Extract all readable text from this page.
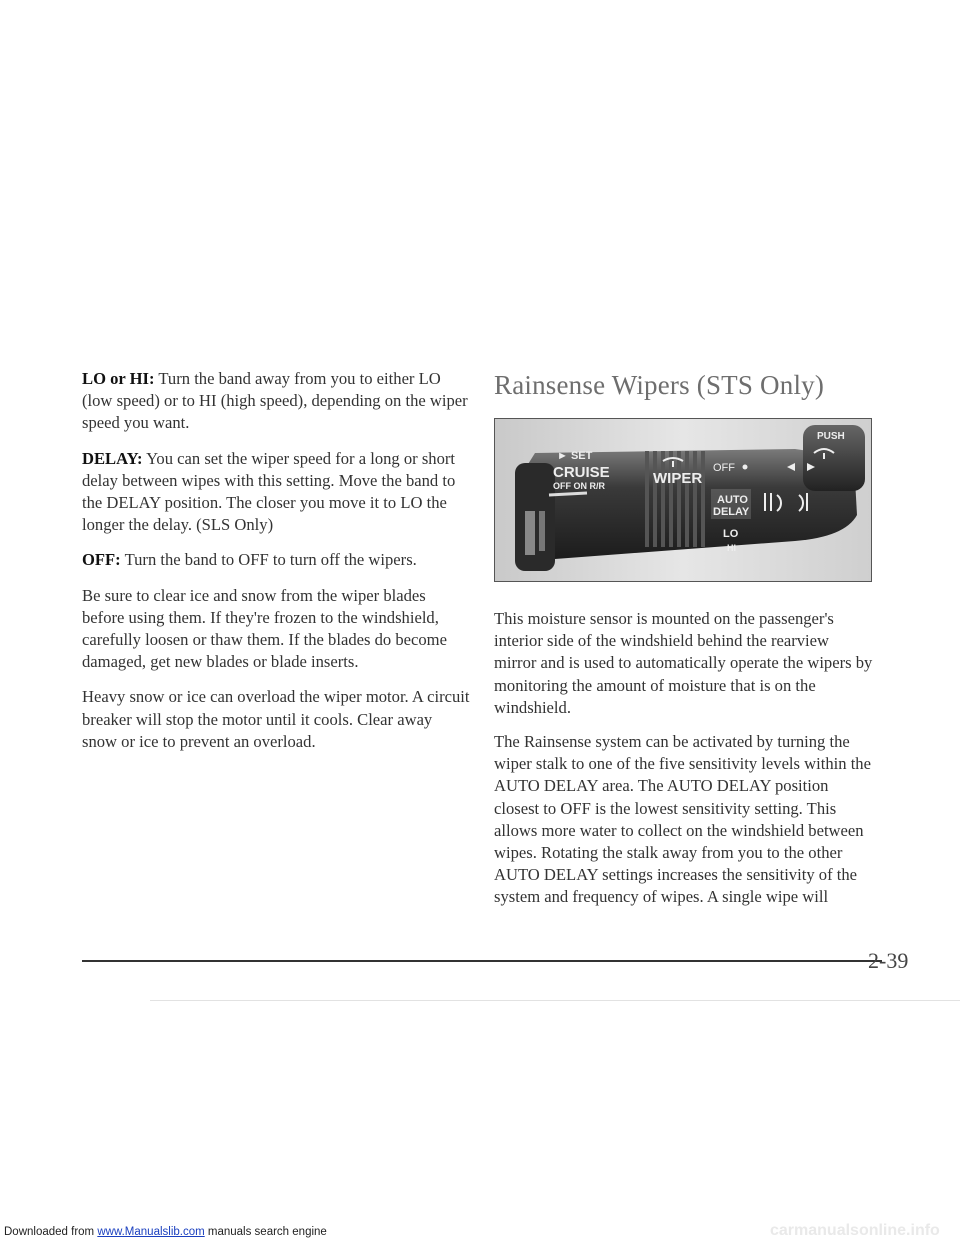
LO or HI: Turn the band away from you to either LO (low speed) or to HI (high speed), depending on the wiper speed you want.

DELAY: You can set the wiper speed for a long or short delay between wipes with this setting. Move the band to the DELAY position. The closer you move it to LO the longer the delay. (SLS Only)

OFF: Turn the band to OFF to turn off the wipers.

Be sure to clear ice and snow from the wiper blades before using them. If they're frozen to the windshield, carefully loosen or thaw them. If the blades do become damaged, get new blades or blade inserts.

Heavy snow or ice can overload the wiper motor. A circuit breaker will stop the motor until it cools. Clear away snow or ice to prevent an overload.

Rainsense Wipers (STS Only)
► SET
CRUISE
OFF ON R/R	WIPER
OFF
AUTO
DELAY
LO
HI
PUSH

This moisture sensor is mounted on the passenger's interior side of the windshield behind the rearview mirror and is used to automatically operate the wipers by monitoring the amount of moisture that is on the windshield.

The Rainsense system can be activated by turning the wiper stalk to one of the five sensitivity levels within the AUTO DELAY area. The AUTO DELAY position closest to OFF is the lowest sensitivity setting. This allows more water to collect on the windshield between wipes. Rotating the stalk away from you to the other AUTO DELAY settings increases the sensitivity of the system and frequency of wipes. A single wipe will

2-39
Downloaded from www.Manualslib.com manuals search engine	carmanualsonline.info
